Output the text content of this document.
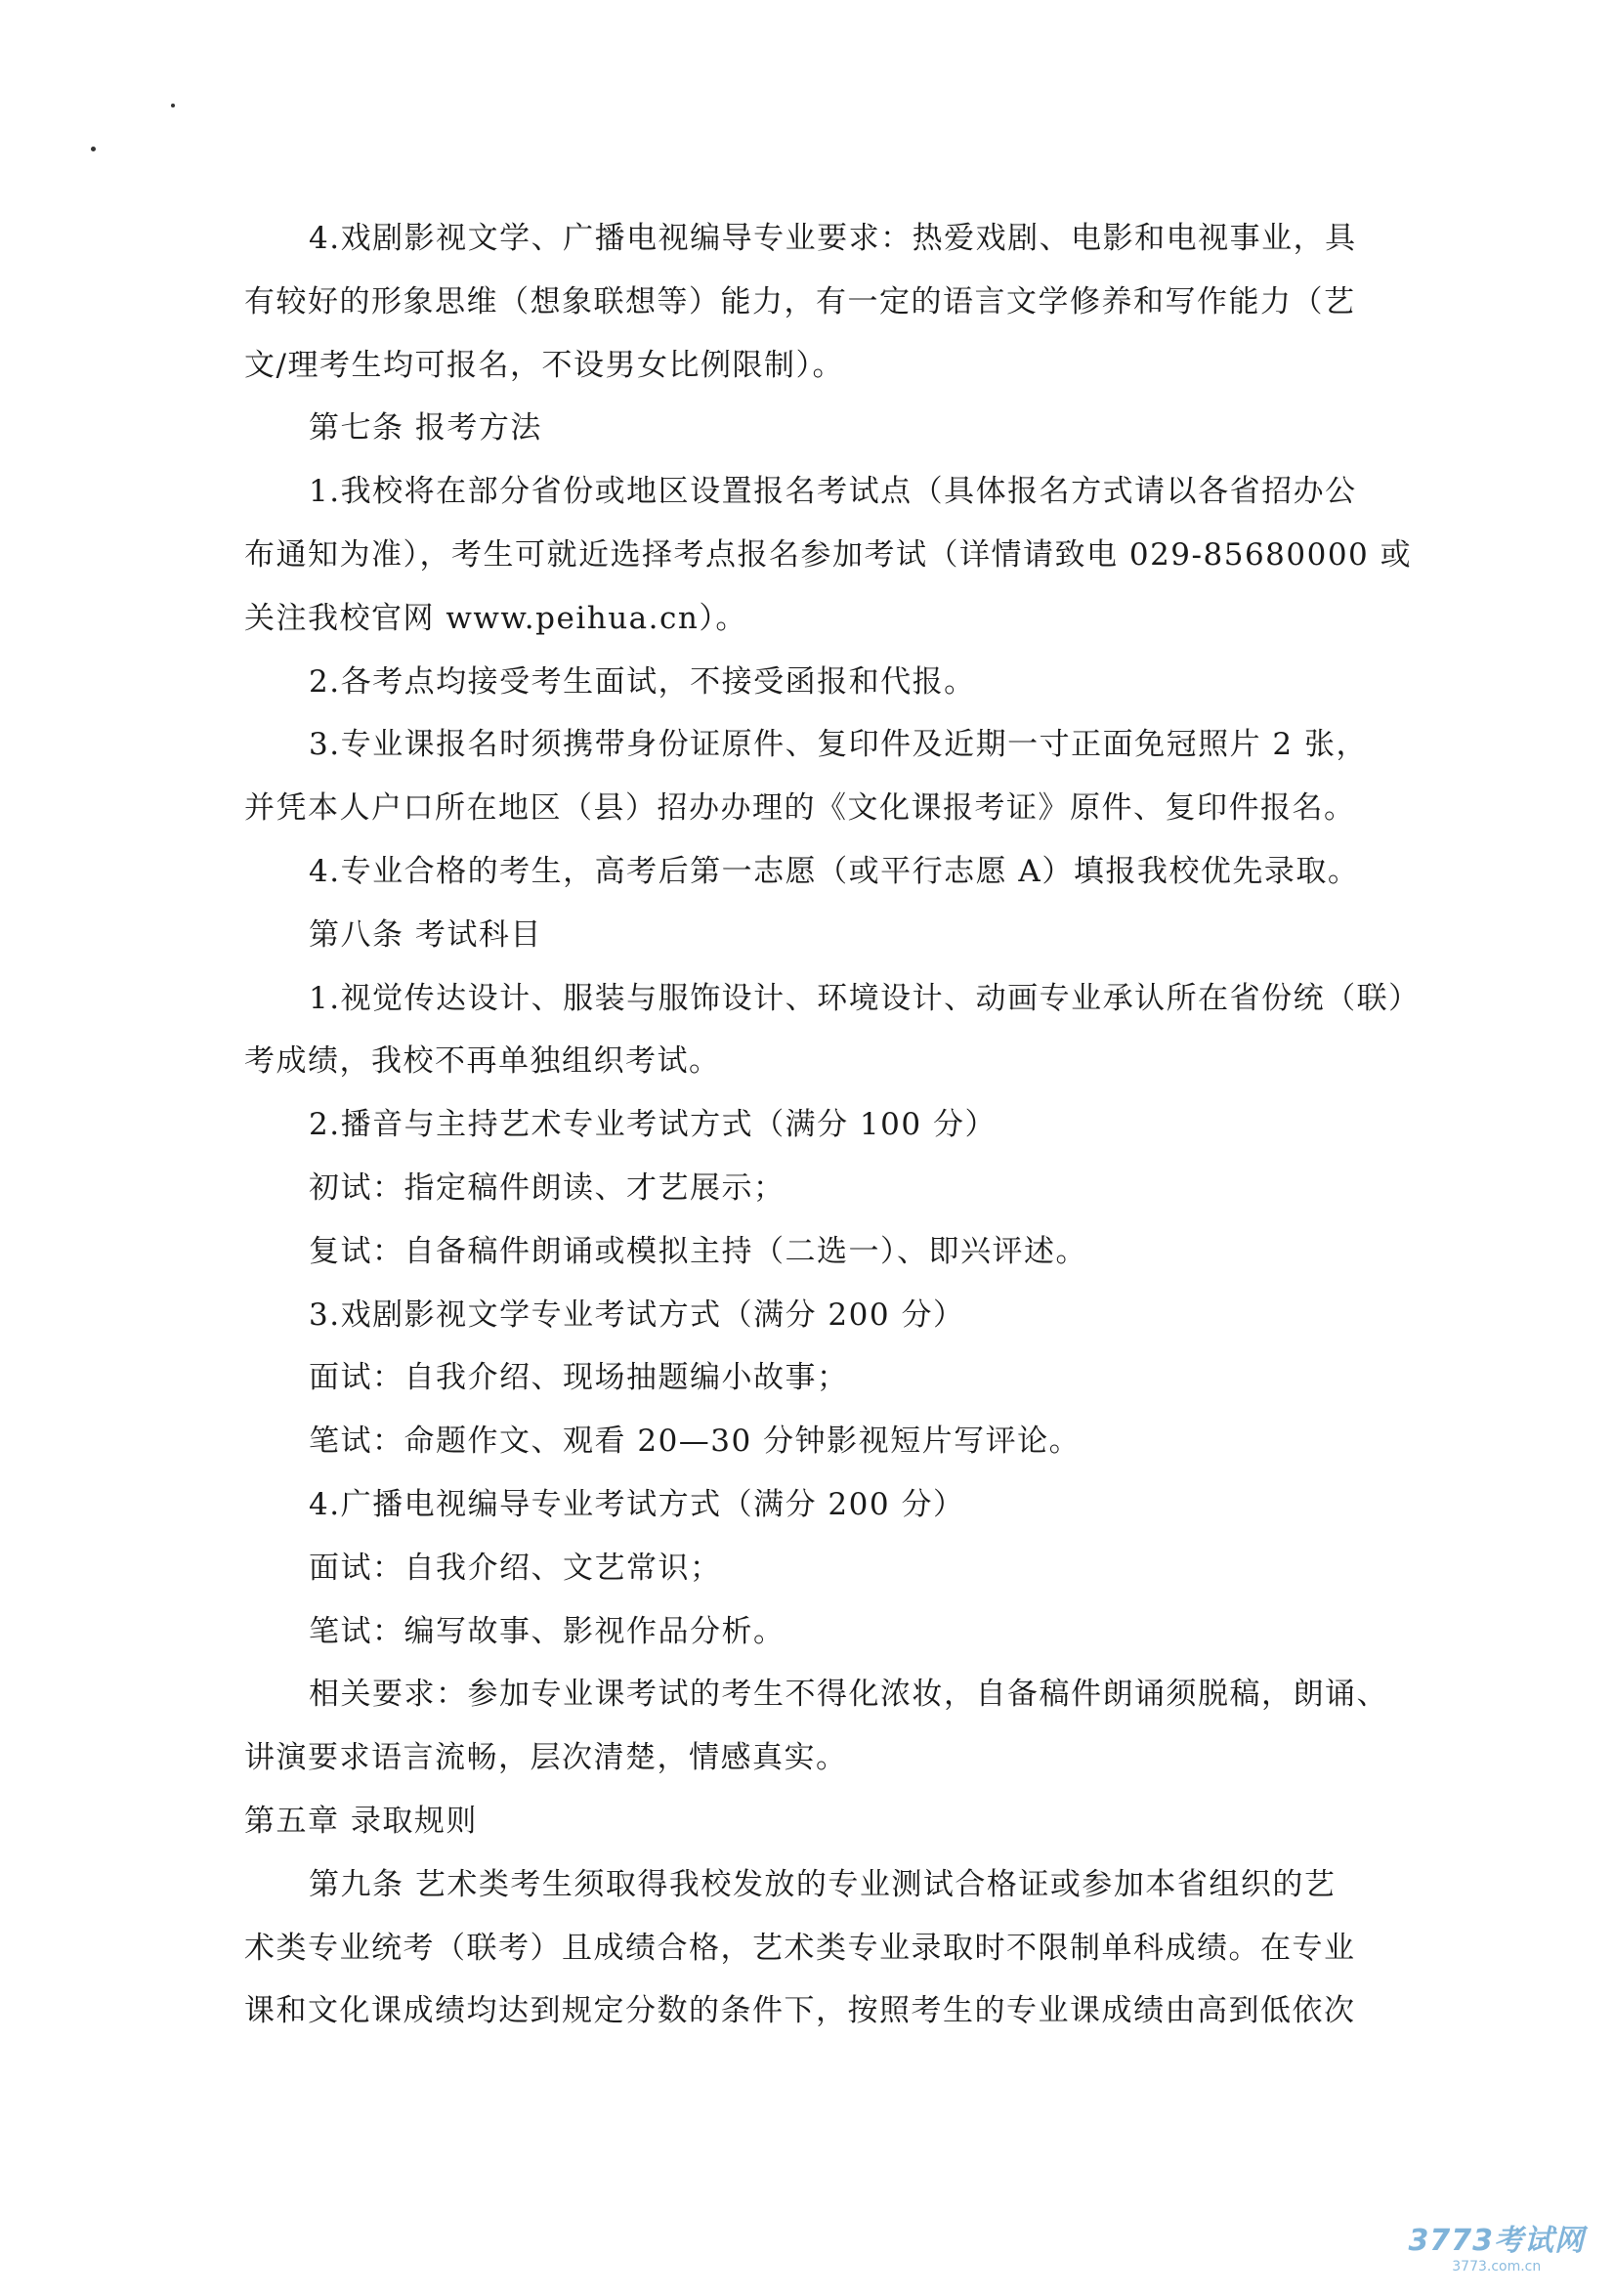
4.戏剧影视文学、广播电视编导专业要求：热爱戏剧、电影和电视事业，具
有较好的形象思维（想象联想等）能力，有一定的语言文学修养和写作能力（艺
文/理考生均可报名，不设男女比例限制）。
第七条 报考方法
1.我校将在部分省份或地区设置报名考试点（具体报名方式请以各省招办公
布通知为准），考生可就近选择考点报名参加考试（详情请致电 029-85680000 或
关注我校官网 www.peihua.cn）。
2.各考点均接受考生面试，不接受函报和代报。
3.专业课报名时须携带身份证原件、复印件及近期一寸正面免冠照片 2 张，
并凭本人户口所在地区（县）招办办理的《文化课报考证》原件、复印件报名。
4.专业合格的考生，高考后第一志愿（或平行志愿 A）填报我校优先录取。
第八条 考试科目
1.视觉传达设计、服装与服饰设计、环境设计、动画专业承认所在省份统（联）
考成绩，我校不再单独组织考试。
2.播音与主持艺术专业考试方式（满分 100 分）
初试：指定稿件朗读、才艺展示；
复试：自备稿件朗诵或模拟主持（二选一）、即兴评述。
3.戏剧影视文学专业考试方式（满分 200 分）
面试：自我介绍、现场抽题编小故事；
笔试：命题作文、观看 20—30 分钟影视短片写评论。
4.广播电视编导专业考试方式（满分 200 分）
面试：自我介绍、文艺常识；
笔试：编写故事、影视作品分析。
相关要求：参加专业课考试的考生不得化浓妆，自备稿件朗诵须脱稿，朗诵、
讲演要求语言流畅，层次清楚，情感真实。
第五章 录取规则
第九条 艺术类考生须取得我校发放的专业测试合格证或参加本省组织的艺
术类专业统考（联考）且成绩合格，艺术类专业录取时不限制单科成绩。在专业
课和文化课成绩均达到规定分数的条件下，按照考生的专业课成绩由高到低依次
3773考试网
3773.com.cn
